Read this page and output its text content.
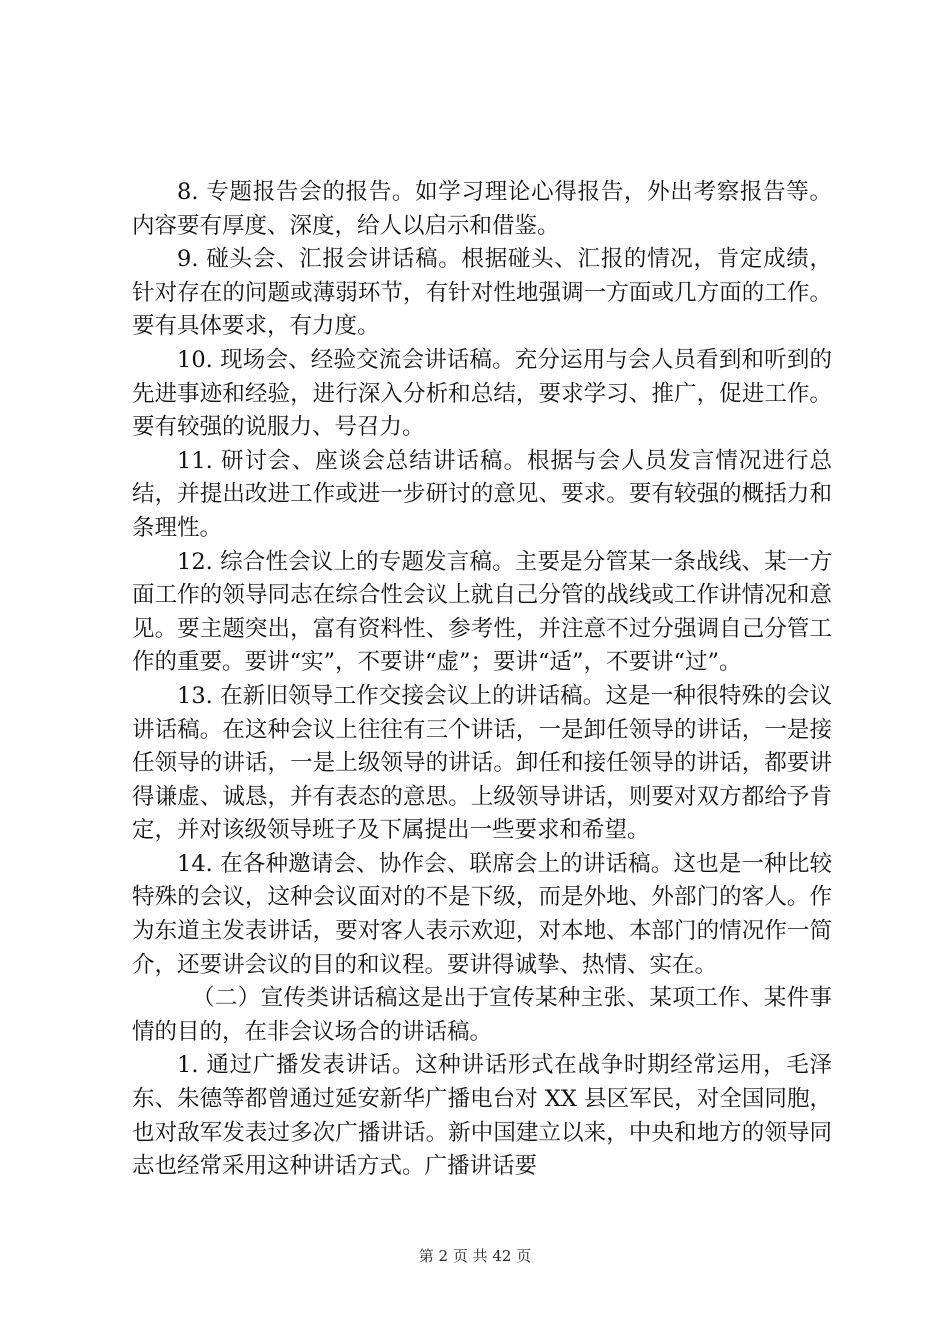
8. 专题报告会的报告。如学习理论心得报告，外出考察报告等。内容要有厚度、深度，给人以启示和借鉴。

9. 碰头会、汇报会讲话稿。根据碰头、汇报的情况，肯定成绩，针对存在的问题或薄弱环节，有针对性地强调一方面或几方面的工作。要有具体要求，有力度。

10. 现场会、经验交流会讲话稿。充分运用与会人员看到和听到的先进事迹和经验，进行深入分析和总结，要求学习、推广，促进工作。要有较强的说服力、号召力。

11. 研讨会、座谈会总结讲话稿。根据与会人员发言情况进行总结，并提出改进工作或进一步研讨的意见、要求。要有较强的概括力和条理性。

12. 综合性会议上的专题发言稿。主要是分管某一条战线、某一方面工作的领导同志在综合性会议上就自己分管的战线或工作讲情况和意见。要主题突出，富有资料性、参考性，并注意不过分强调自己分管工作的重要。要讲“实”，不要讲“虚”；要讲“适”，不要讲“过”。

13. 在新旧领导工作交接会议上的讲话稿。这是一种很特殊的会议讲话稿。在这种会议上往往有三个讲话，一是卸任领导的讲话，一是接任领导的讲话，一是上级领导的讲话。卸任和接任领导的讲话，都要讲得谦虚、诚恳，并有表态的意思。上级领导讲话，则要对双方都给予肯定，并对该级领导班子及下属提出一些要求和希望。

14. 在各种邀请会、协作会、联席会上的讲话稿。这也是一种比较特殊的会议，这种会议面对的不是下级，而是外地、外部门的客人。作为东道主发表讲话，要对客人表示欢迎，对本地、本部门的情况作一简介，还要讲会议的目的和议程。要讲得诚挚、热情、实在。

（二）宣传类讲话稿这是出于宣传某种主张、某项工作、某件事情的目的，在非会议场合的讲话稿。

1. 通过广播发表讲话。这种讲话形式在战争时期经常运用，毛泽东、朱德等都曾通过延安新华广播电台对 XX 县区军民，对全国同胞，也对敌军发表过多次广播讲话。新中国建立以来，中央和地方的领导同志也经常采用这种讲话方式。广播讲话要

第 2 页 共 42 页
